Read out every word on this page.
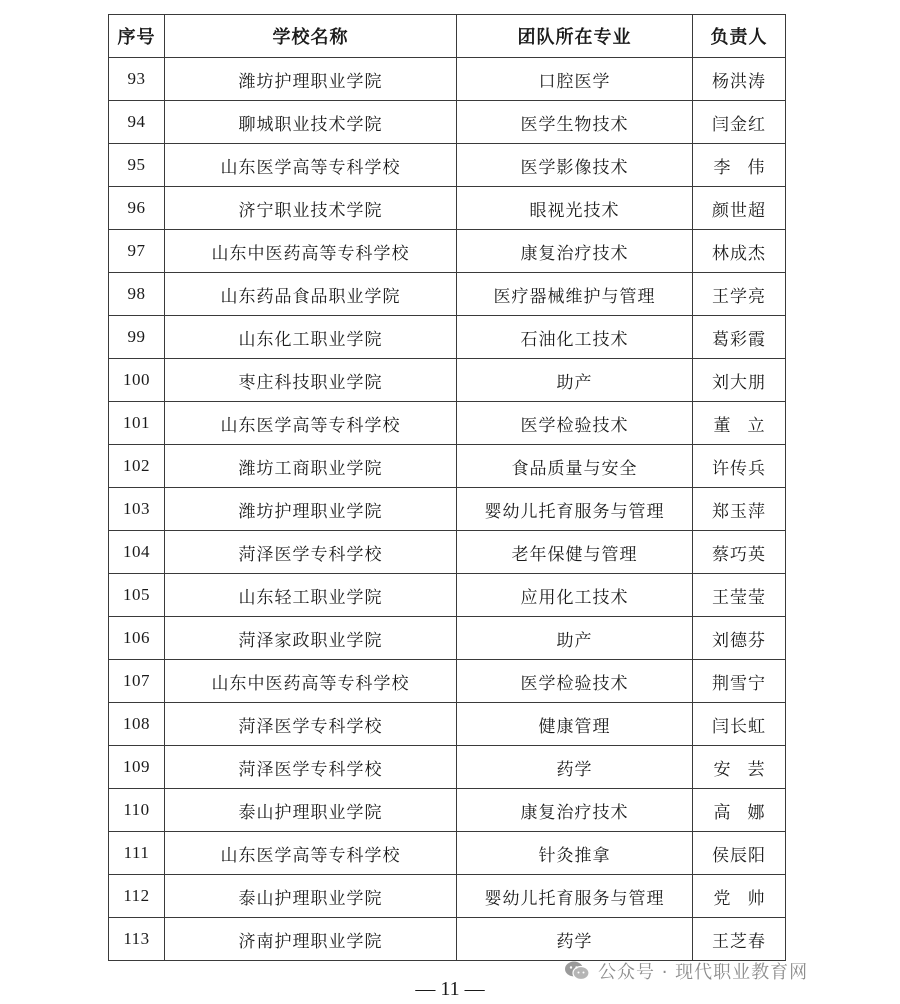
序号	学校名称	团队所在专业	负责人
93	潍坊护理职业学院	口腔医学	杨洪涛
94	聊城职业技术学院	医学生物技术	闫金红
95	山东医学高等专科学校	医学影像技术	李伟
96	济宁职业技术学院	眼视光技术	颜世超
97	山东中医药高等专科学校	康复治疗技术	林成杰
98	山东药品食品职业学院	医疗器械维护与管理	王学亮
99	山东化工职业学院	石油化工技术	葛彩霞
100	枣庄科技职业学院	助产	刘大朋
101	山东医学高等专科学校	医学检验技术	董立
102	潍坊工商职业学院	食品质量与安全	许传兵
103	潍坊护理职业学院	婴幼儿托育服务与管理	郑玉萍
104	菏泽医学专科学校	老年保健与管理	蔡巧英
105	山东轻工职业学院	应用化工技术	王莹莹
106	菏泽家政职业学院	助产	刘德芬
107	山东中医药高等专科学校	医学检验技术	荆雪宁
108	菏泽医学专科学校	健康管理	闫长虹
109	菏泽医学专科学校	药学	安芸
110	泰山护理职业学院	康复治疗技术	高娜
111	山东医学高等专科学校	针灸推拿	侯辰阳
112	泰山护理职业学院	婴幼儿托育服务与管理	党帅
113	济南护理职业学院	药学	王芝春
公众号 · 现代职业教育网
— 11 —
